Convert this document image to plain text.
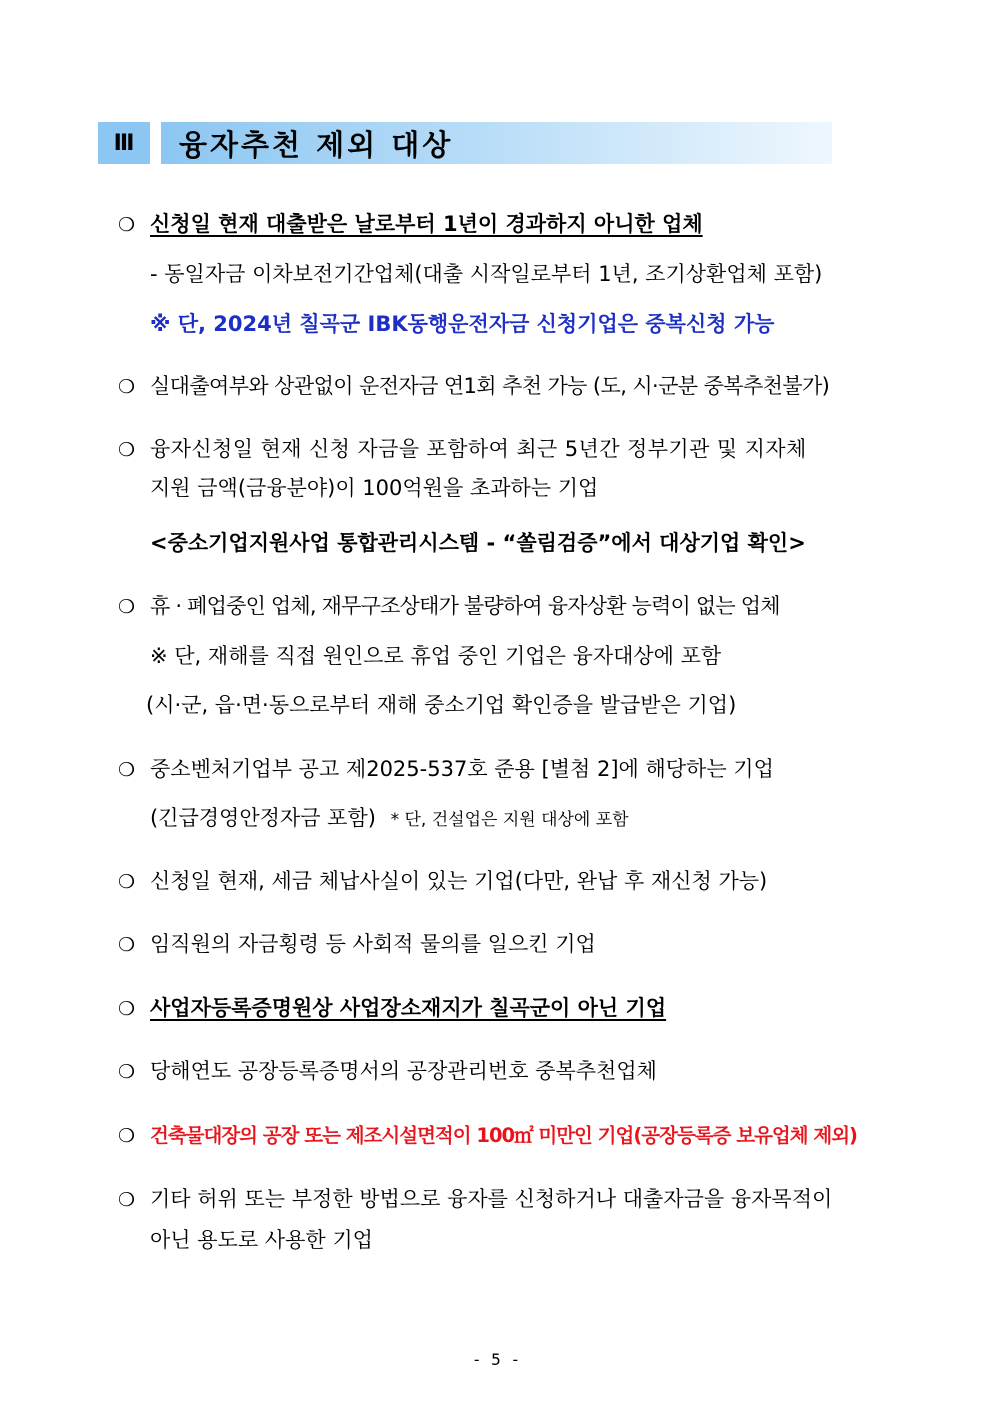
Ⅲ	융자추천 제외 대상
❍ 신청일 현재 대출받은 날로부터 1년이 경과하지 아니한 업체
- 동일자금 이차보전기간업체(대출 시작일로부터 1년, 조기상환업체 포함)
※ 단, 2024년 칠곡군 IBK동행운전자금 신청기업은 중복신청 가능
❍ 실대출여부와 상관없이 운전자금 연1회 추천 가능 (도, 시·군분 중복추천불가)
❍ 융자신청일 현재 신청 자금을 포함하여 최근 5년간 정부기관 및 지자체
지원 금액(금융분야)이 100억원을 초과하는 기업
<중소기업지원사업 통합관리시스템 - “쏠림검증”에서 대상기업 확인>
❍ 휴 · 폐업중인 업체, 재무구조상태가 불량하여 융자상환 능력이 없는 업체
※ 단, 재해를 직접 원인으로 휴업 중인 기업은 융자대상에 포함
(시·군, 읍·면·동으로부터 재해 중소기업 확인증을 발급받은 기업)
❍ 중소벤처기업부 공고 제2025-537호 준용 [별첨 2]에 해당하는 기업
(긴급경영안정자금 포함) * 단, 건설업은 지원 대상에 포함
❍ 신청일 현재, 세금 체납사실이 있는 기업(다만, 완납 후 재신청 가능)
❍ 임직원의 자금횡령 등 사회적 물의를 일으킨 기업
❍ 사업자등록증명원상 사업장소재지가 칠곡군이 아닌 기업
❍ 당해연도 공장등록증명서의 공장관리번호 중복추천업체
❍ 건축물대장의 공장 또는 제조시설면적이 100㎡ 미만인 기업(공장등록증 보유업체 제외)
❍ 기타 허위 또는 부정한 방법으로 융자를 신청하거나 대출자금을 융자목적이
아닌 용도로 사용한 기업
- 5 -
